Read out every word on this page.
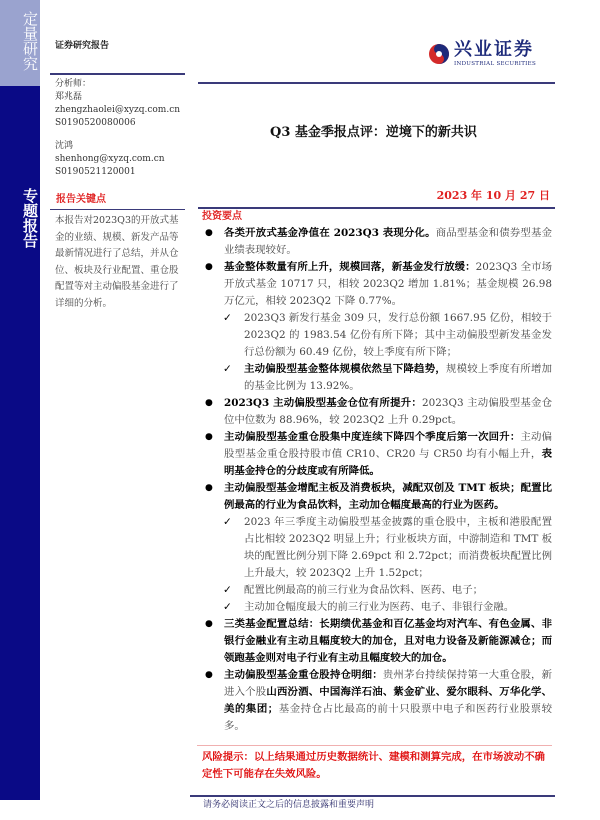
定量研究
专题报告
证券研究报告	兴业证券
INDUSTRIAL SECURITIES
分析师：
郑兆磊
zhengzhaolei@xyzq.com.cn
S0190520080006
沈鸿
shenhong@xyzq.com.cn
S0190521120001
Q3 基金季报点评：逆境下的新共识
2023 年 10 月 27 日
报告关键点
本报告对2023Q3的开放式基金的业绩、规模、新发产品等最新情况进行了总结，并从仓位、板块及行业配置、重仓股配置等对主动偏股基金进行了详细的分析。
投资要点
● 各类开放式基金净值在 2023Q3 表现分化。商品型基金和债券型基金业绩表现较好。
● 基金整体数量有所上升，规模回落，新基金发行放缓：2023Q3 全市场开放式基金 10717 只，相较 2023Q2 增加 1.81%；基金规模 26.98 万亿元，相较 2023Q2 下降 0.77%。
✓ 2023Q3 新发行基金 309 只，发行总份额 1667.95 亿份，相较于 2023Q2 的 1983.54 亿份有所下降；其中主动偏股型新发基金发行总份额为 60.49 亿份，较上季度有所下降；
✓ 主动偏股型基金整体规模依然呈下降趋势，规模较上季度有所增加的基金比例为 13.92%。
● 2023Q3 主动偏股型基金仓位有所提升：2023Q3 主动偏股型基金仓位中位数为 88.96%，较 2023Q2 上升 0.29pct。
● 主动偏股型基金重仓股集中度连续下降四个季度后第一次回升：主动偏股型基金重仓股持股市值 CR10、CR20 与 CR50 均有小幅上升，表明基金持仓的分歧度或有所降低。
● 主动偏股型基金增配主板及消费板块，减配双创及 TMT 板块；配置比例最高的行业为食品饮料，主动加仓幅度最高的行业为医药。
✓ 2023 年三季度主动偏股型基金披露的重仓股中，主板和港股配置占比相较 2023Q2 明显上升；行业板块方面，中游制造和 TMT 板块的配置比例分别下降 2.69pct 和 2.72pct；而消费板块配置比例上升最大，较 2023Q2 上升 1.52pct；
✓ 配置比例最高的前三行业为食品饮料、医药、电子；
✓ 主动加仓幅度最大的前三行业为医药、电子、非银行金融。
● 三类基金配置总结：长期绩优基金和百亿基金均对汽车、有色金属、非银行金融业有主动且幅度较大的加仓，且对电力设备及新能源减仓；而领跑基金则对电子行业有主动且幅度较大的加仓。
● 主动偏股型基金重仓股持仓明细：贵州茅台持续保持第一大重仓股，新进入个股山西汾酒、中国海洋石油、紫金矿业、爱尔眼科、万华化学、美的集团；基金持仓占比最高的前十只股票中电子和医药行业股票较多。
风险提示：以上结果通过历史数据统计、建模和测算完成，在市场波动不确定性下可能存在失效风险。
请务必阅读正文之后的信息披露和重要声明
